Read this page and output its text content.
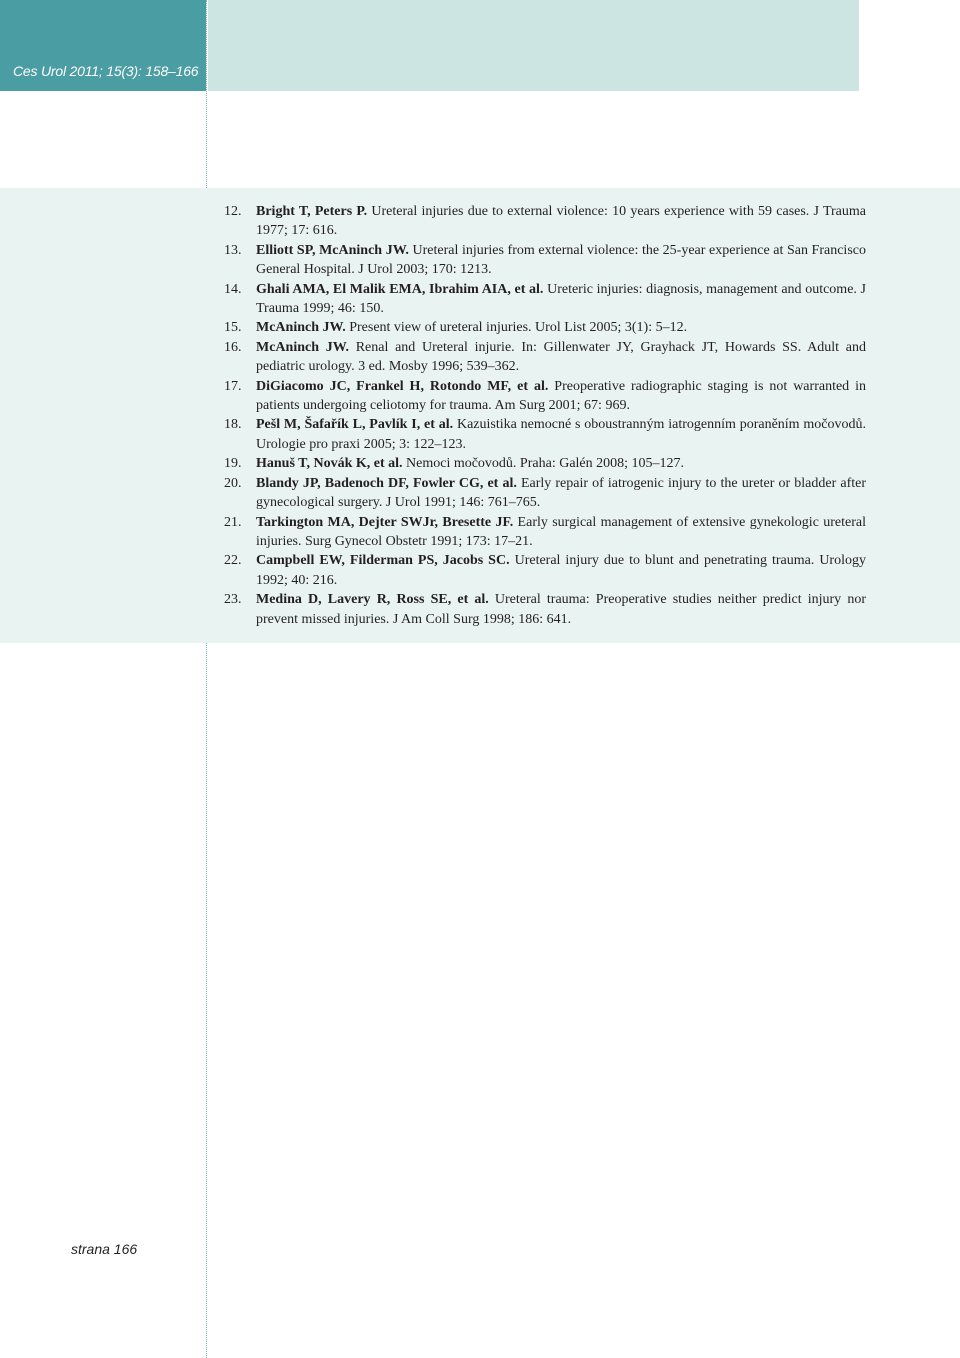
Ces Urol 2011; 15(3): 158–166
12.	Bright T, Peters P. Ureteral injuries due to external violence: 10 years experience with 59 cases. J Trauma 1977; 17: 616.
13.	Elliott SP, McAninch JW. Ureteral injuries from external violence: the 25-year experience at San Francisco General Hospital. J Urol 2003; 170: 1213.
14.	Ghali AMA, El Malik EMA, Ibrahim AIA, et al. Ureteric injuries: diagnosis, management and outcome. J Trauma 1999; 46: 150.
15.	McAninch JW. Present view of ureteral injuries. Urol List 2005; 3(1): 5–12.
16.	McAninch JW. Renal and Ureteral injurie. In: Gillenwater JY, Grayhack JT, Howards SS. Adult and pediatric urology. 3 ed. Mosby 1996; 539–362.
17.	DiGiacomo JC, Frankel H, Rotondo MF, et al. Preoperative radiographic staging is not warranted in patients undergoing celiotomy for trauma. Am Surg 2001; 67: 969.
18.	Pešl M, Šafařík L, Pavlík I, et al. Kazuistika nemocné s oboustranným iatrogenním poraněním močovodů. Urologie pro praxi 2005; 3: 122–123.
19.	Hanuš T, Novák K, et al. Nemoci močovodů. Praha: Galén 2008; 105–127.
20.	Blandy JP, Badenoch DF, Fowler CG, et al. Early repair of iatrogenic injury to the ureter or bladder after gynecological surgery. J Urol 1991; 146: 761–765.
21.	Tarkington MA, Dejter SWJr, Bresette JF. Early surgical management of extensive gynekologic ureteral injuries. Surg Gynecol Obstetr 1991; 173: 17–21.
22.	Campbell EW, Filderman PS, Jacobs SC. Ureteral injury due to blunt and penetrating trauma. Urology 1992; 40: 216.
23.	Medina D, Lavery R, Ross SE, et al. Ureteral trauma: Preoperative studies neither predict injury nor prevent missed injuries. J Am Coll Surg 1998; 186: 641.
strana 166
